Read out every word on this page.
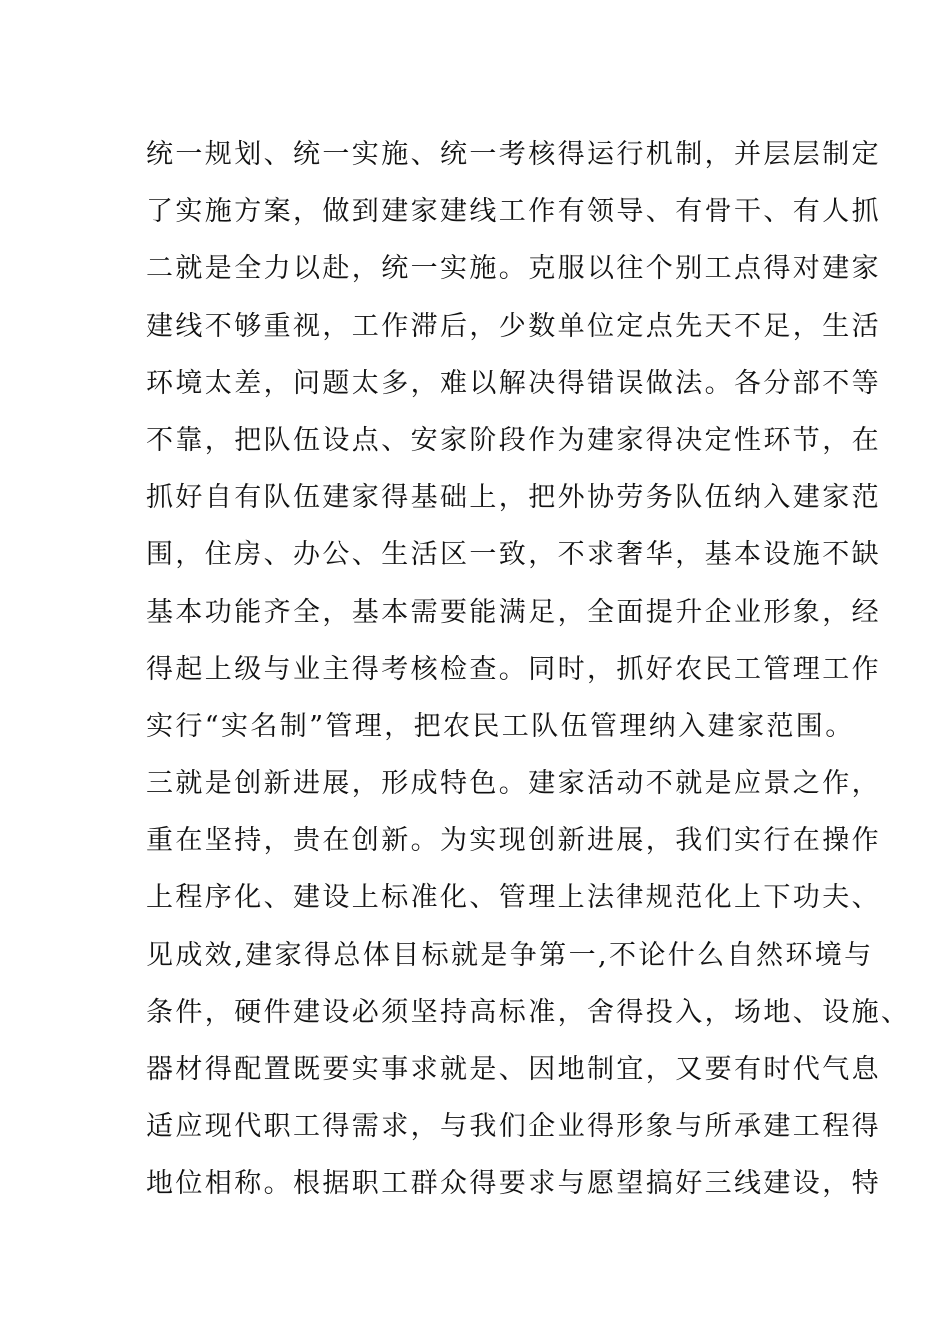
统一规划、统一实施、统一考核得运行机制，并层层制定
了实施方案，做到建家建线工作有领导、有骨干、有人抓
二就是全力以赴，统一实施。克服以往个别工点得对建家
建线不够重视，工作滞后，少数单位定点先天不足，生活
环境太差，问题太多，难以解决得错误做法。各分部不等
不靠，把队伍设点、安家阶段作为建家得决定性环节，在
抓好自有队伍建家得基础上，把外协劳务队伍纳入建家范
围，住房、办公、生活区一致，不求奢华，基本设施不缺
基本功能齐全，基本需要能满足，全面提升企业形象，经
得起上级与业主得考核检查。同时，抓好农民工管理工作
实行“实名制”管理，把农民工队伍管理纳入建家范围。
三就是创新进展，形成特色。建家活动不就是应景之作，
重在坚持，贵在创新。为实现创新进展，我们实行在操作
上程序化、建设上标准化、管理上法律规范化上下功夫、
见成效,建家得总体目标就是争第一,不论什么自然环境与
条件，硬件建设必须坚持高标准，舍得投入，场地、设施、
器材得配置既要实事求就是、因地制宜，又要有时代气息
适应现代职工得需求，与我们企业得形象与所承建工程得
地位相称。根据职工群众得要求与愿望搞好三线建设，特
